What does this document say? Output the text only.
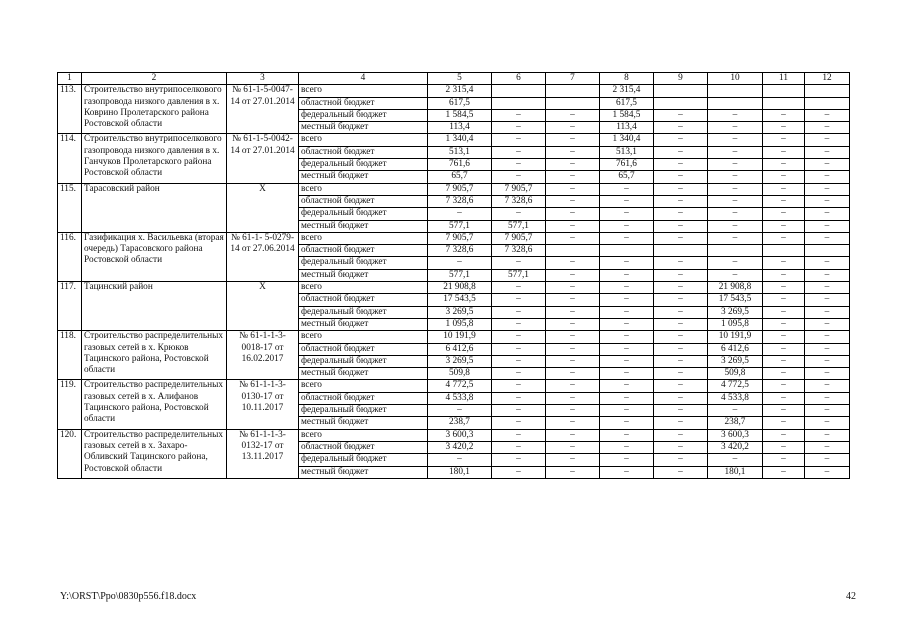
1	2	3	4	5	6	7	8	9	10	11	12
113.	Строительство внутрипоселкового газопровода низкого давления в х. Коврино Пролетарского района Ростовской области	№ 61-1-5-0047-14 от 27.01.2014	всего	2 315,4			2 315,4				
			областной бюджет	617,5			617,5				
			федеральный бюджет	1 584,5	–	–	1 584,5	–	–	–	–
			местный бюджет	113,4	–	–	113,4	–	–	–	–
114.	Строительство внутрипоселкового газопровода низкого давления в х. Ганчуков Пролетарского района Ростовской области	№ 61-1-5-0042-14 от 27.01.2014	всего	1 340,4	–	–	1 340,4	–	–	–	–
			областной бюджет	513,1	–	–	513,1	–	–	–	–
			федеральный бюджет	761,6	–	–	761,6	–	–	–	–
			местный бюджет	65,7	–	–	65,7	–	–	–	–
115.	Тарасовский район	Х	всего	7 905,7	7 905,7	–	–	–	–	–	–
			областной бюджет	7 328,6	7 328,6	–	–	–	–	–	–
			федеральный бюджет	–	–	–	–	–	–	–	–
			местный бюджет	577,1	577,1	–	–	–	–	–	–
116.	Газификация х. Васильевка (вторая очередь) Тарасовского района Ростовской области	№ 61-1- 5-0279-14 от 27.06.2014	всего	7 905,7	7 905,7	–	–	–	–	–	–
			областной бюджет	7 328,6	7 328,6						
			федеральный бюджет	–	–	–	–	–	–	–	–
			местный бюджет	577,1	577,1	–	–	–	–	–	–
117.	Тацинский район	Х	всего	21 908,8	–	–	–	–	21 908,8	–	–
			областной бюджет	17 543,5	–	–	–	–	17 543,5	–	–
			федеральный бюджет	3 269,5	–	–	–	–	3 269,5	–	–
			местный бюджет	1 095,8	–	–	–	–	1 095,8	–	–
118.	Строительство распределительных газовых сетей в х. Крюков Тацинского района, Ростовской области	№ 61-1-1-3-0018-17 от 16.02.2017	всего	10 191,9	–	–	–	–	10 191,9	–	–
			областной бюджет	6 412,6	–	–	–	–	6 412,6	–	–
			федеральный бюджет	3 269,5	–	–	–	–	3 269,5	–	–
			местный бюджет	509,8	–	–	–	–	509,8	–	–
119.	Строительство распределительных газовых сетей в х. Алифанов Тацинского района, Ростовской области	№ 61-1-1-3-0130-17 от 10.11.2017	всего	4 772,5	–	–	–	–	4 772,5	–	–
			областной бюджет	4 533,8	–	–	–	–	4 533,8	–	–
			федеральный бюджет	–	–	–	–	–	–	–	–
			местный бюджет	238,7	–	–	–	–	238,7	–	–
120.	Строительство распределительных газовых сетей в х. Захаро-Обливский Тацинского района, Ростовской области	№ 61-1-1-3-0132-17 от 13.11.2017	всего	3 600,3	–	–	–	–	3 600,3	–	–
			областной бюджет	3 420,2	–	–	–	–	3 420,2	–	–
			федеральный бюджет	–	–	–	–	–	–	–	–
			местный бюджет	180,1	–	–	–	–	180,1	–	–
Y:\ORST\Ppo\0830p556.f18.docx	42
